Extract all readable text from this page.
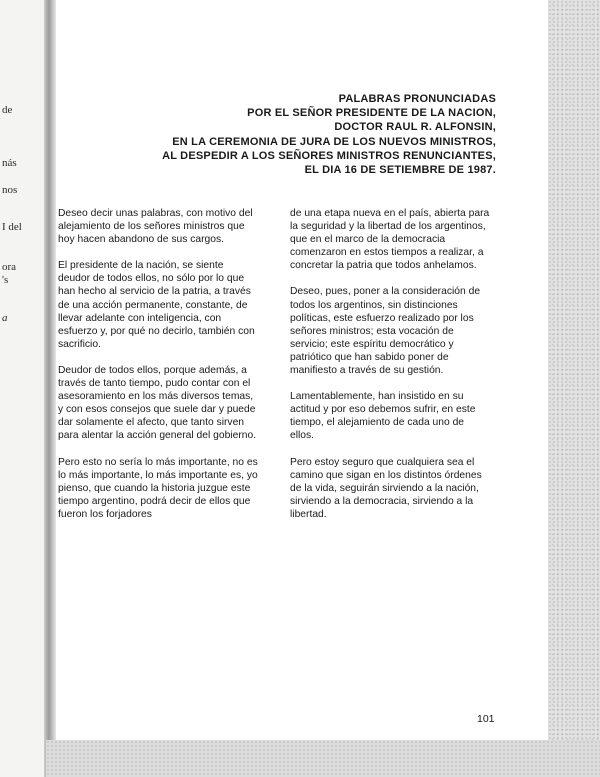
de
nás
nos
I del
ora
's
a
PALABRAS PRONUNCIADAS
POR EL SEÑOR PRESIDENTE DE LA NACION,
DOCTOR RAUL R. ALFONSIN,
EN LA CEREMONIA DE JURA DE LOS NUEVOS MINISTROS,
AL DESPEDIR A LOS SEÑORES MINISTROS RENUNCIANTES,
EL DIA 16 DE SETIEMBRE DE 1987.

Deseo decir unas palabras, con motivo del alejamiento de los señores ministros que hoy hacen abandono de sus cargos.

El presidente de la nación, se siente deudor de todos ellos, no sólo por lo que han hecho al servicio de la patria, a través de una acción permanente, constante, de llevar adelante con inteligencia, con esfuerzo y, por qué no decirlo, también con sacrificio.

Deudor de todos ellos, porque además, a través de tanto tiempo, pudo contar con el asesoramiento en los más diversos temas, y con esos consejos que suele dar y puede dar solamente el afecto, que tanto sirven para alentar la acción general del gobierno.

Pero esto no sería lo más importante, no es lo más importante, lo más importante es, yo pienso, que cuando la historia juzgue este tiempo argentino, podrá decir de ellos que fueron los forjadores

de una etapa nueva en el país, abierta para la seguridad y la libertad de los argentinos, que en el marco de la democracia comenzaron en estos tiempos a realizar, a concretar la patria que todos anhelamos.

Deseo, pues, poner a la consideración de todos los argentinos, sin distinciones políticas, este esfuerzo realizado por los señores ministros; esta vocación de servicio; este espíritu democrático y patriótico que han sabido poner de manifiesto a través de su gestión.

Lamentablemente, han insistido en su actitud y por eso debemos sufrir, en este tiempo, el alejamiento de cada uno de ellos.

Pero estoy seguro que cualquiera sea el camino que sigan en los distintos órdenes de la vida, seguirán sirviendo a la nación, sirviendo a la democracia, sirviendo a la libertad.

101
